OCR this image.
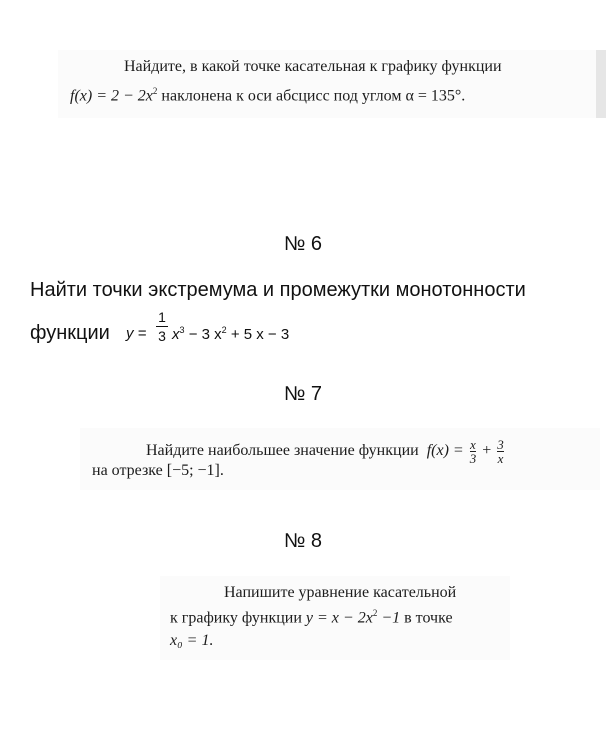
Найдите, в какой точке касательная к графику функции
$f(x) = 2 - 2x^2$ наклонена к оси абсцисс под углом α = 135°.
№ 6
Найти точки экстремума и промежутки монотонности
функции y =
1
3 $x^3 - 3$ $x^2 + 5$ x − 3
№ 7
Найдите наибольшее значение функции $f(x) = \frac{x}{3} + \frac{3}{x}$
на отрезке [−5; −1].
№ 8
Напишите уравнение касательной
к графику функции $y = x - 2x^2 -1$ в точке
x₀ = 1.
